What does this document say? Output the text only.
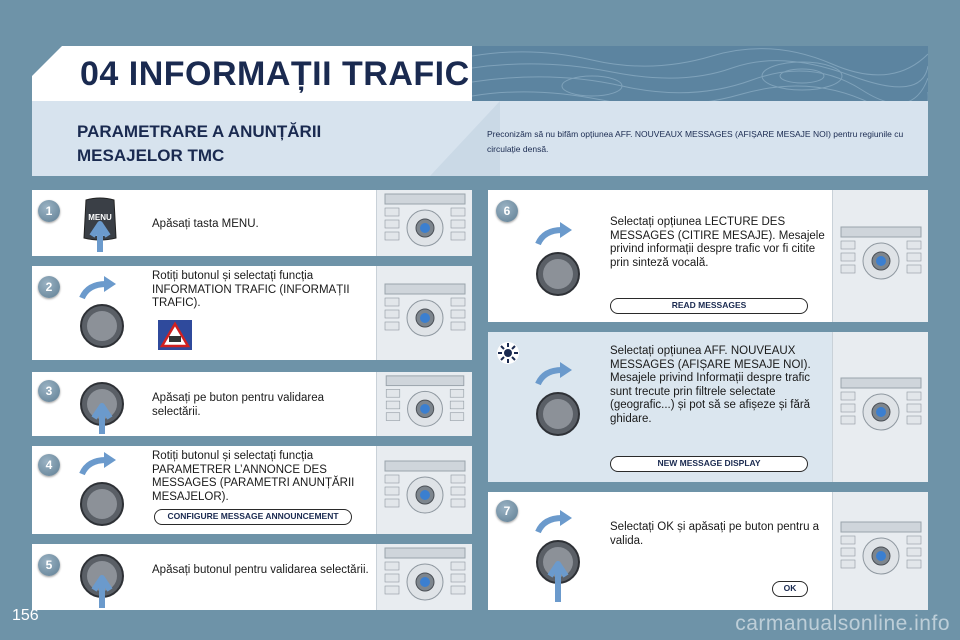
04 INFORMAȚII TRAFIC
PARAMETRARE A ANUNȚĂRII
MESAJELOR TMC
Preconizăm să nu bifăm opțiunea AFF. NOUVEAUX MESSAGES (AFIȘARE MESAJE NOI) pentru regiunile cu circulație densă.
1	MENU
Apăsați tasta MENU.
2
Rotiți butonul și selectați funcția INFORMATION TRAFIC (INFORMAȚII TRAFIC).
3	Apăsați pe buton pentru validarea selectării.
4
Rotiți butonul și selectați funcția PARAMETRER L’ANNONCE DES MESSAGES (PARAMETRI ANUNȚĂRII MESAJELOR).
CONFIGURE MESSAGE ANNOUNCEMENT
5	Apăsați butonul pentru validarea selectării.
6
Selectați opțiunea LECTURE DES MESSAGES (CITIRE MESAJE). Mesajele privind informații despre trafic vor fi citite prin sinteză vocală.
READ MESSAGES
Selectați opțiunea AFF. NOUVEAUX MESSAGES (AFIȘARE MESAJE NOI). Mesajele privind Informații despre trafic sunt trecute prin filtrele selectate (geografic...) și pot să se afișeze și fără ghidare.
NEW MESSAGE DISPLAY
7
Selectați OK și apăsați pe buton pentru a valida.
OK
156	carmanualsonline.info
